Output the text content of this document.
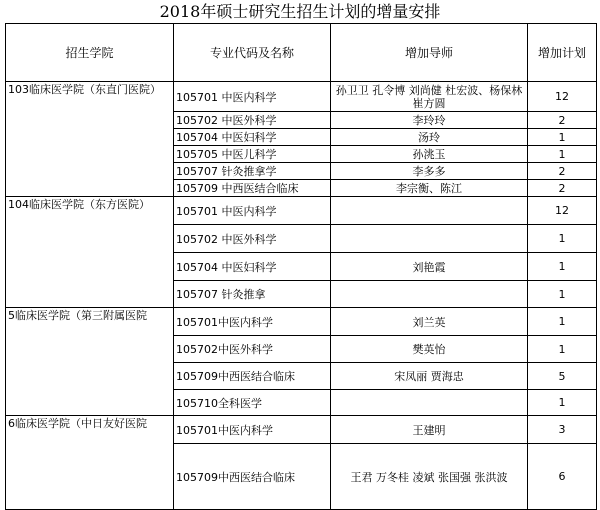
2018年硕士研究生招生计划的增量安排
招生学院	专业代码及名称	增加导师	增加计划
103临床医学院（东直门医院）	105701 中医内科学	孙卫卫 孔令博 刘尚健 杜宏波、杨保林 崔方圆	12
	105702 中医外科学	李玲玲	2
	105704 中医妇科学	汤玲	1
	105705 中医儿科学	孙洮玉	1
	105707 针灸推拿学	李多多	2
	105709 中西医结合临床	李宗衡、陈江	2
104临床医学院（东方医院）	105701 中医内科学		12
	105702 中医外科学		1
	105704 中医妇科学	刘艳霞	1
	105707 针灸推拿		1
5临床医学院（第三附属医院	105701中医内科学	刘兰英	1
	105702中医外科学	樊英怡	1
	105709中西医结合临床	宋凤丽 贾海忠	5
	105710全科医学		1
6临床医学院（中日友好医院	105701中医内科学	王建明	3
	105709中西医结合临床	王君 万冬桂 凌斌 张国强 张洪波	6
